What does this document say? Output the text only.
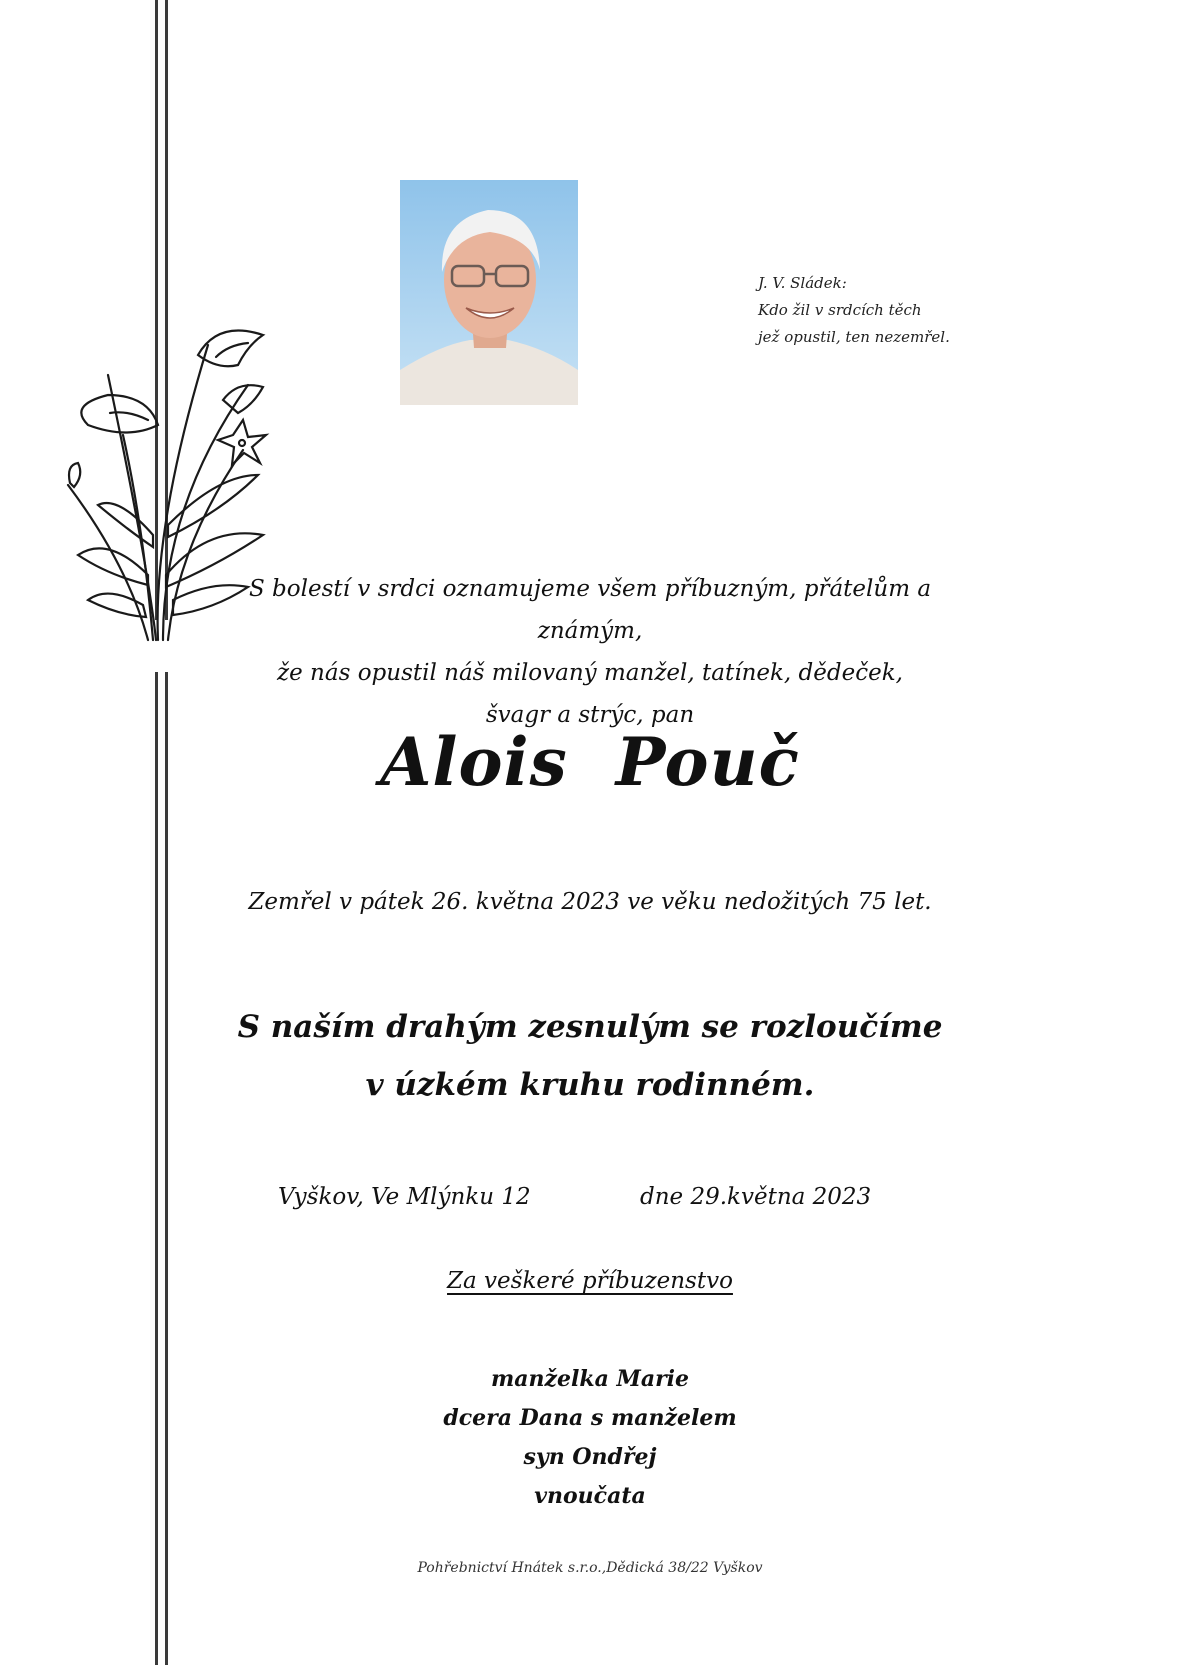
J. V. Sládek:
Kdo žil v srdcích těch
jež opustil, ten nezemřel.
S bolestí v srdci oznamujeme všem příbuzným, přátelům a známým,
že nás opustil náš milovaný manžel, tatínek, dědeček,
švagr a strýc, pan
Alois  Pouč
Zemřel v pátek 26. května 2023 ve věku nedožitých 75 let.
S naším drahým zesnulým se rozloučíme
v úzkém kruhu rodinném.
Vyškov, Ve Mlýnku 12	dne 29.května 2023
Za veškeré příbuzenstvo
manželka Marie
dcera Dana s manželem
syn Ondřej
vnoučata
Pohřebnictví Hnátek s.r.o.,Dědická 38/22 Vyškov
